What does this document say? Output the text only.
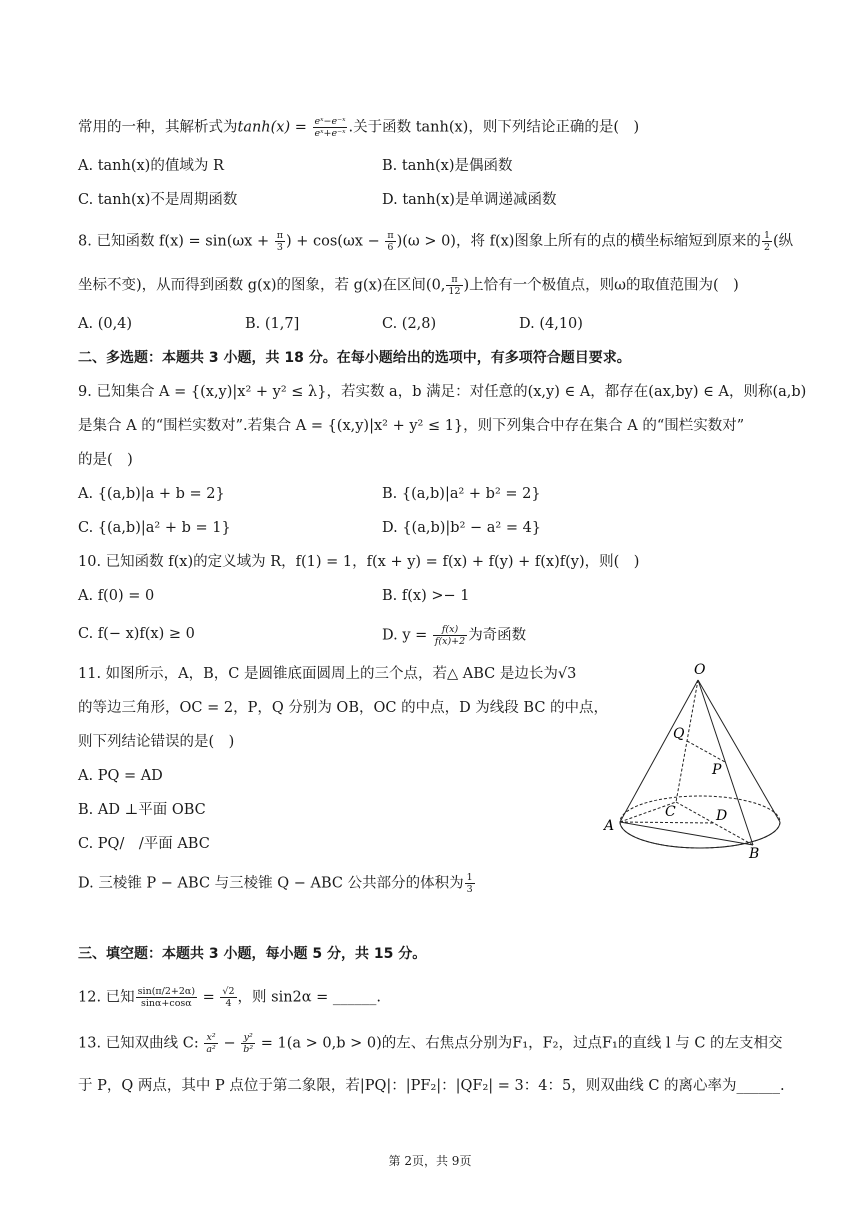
常用的一种，其解析式为$\tanh(x) = \frac{\text{eˣ−e⁻ˣ}}{\text{eˣ+e⁻ˣ}}$ .关于函数 tanh(x)，则下列结论正确的是(　)
A. tanh(x)的值域为 R	B. tanh(x)是偶函数
C. tanh(x)不是周期函数	D. tanh(x)是单调递减函数
8. 已知函数 $f(x) = \sin(\omega x + \frac{\pi}{3}$ ) + $\cos(\omega x - \frac{\pi}{6} )(\omega > 0)$，将 f(x)图象上所有的点的横坐标缩短到原来的 $\frac{1}{2}$ (纵
坐标不变)，从而得到函数 g(x)的图象，若 g(x)在区间(0, $\frac{\pi}{12}$ )上恰有一个极值点，则ω的取值范围为(　)
A. (0,4)	B. (1,7]	C. (2,8)	D. (4,10)
二、多选题：本题共 3 小题，共 18 分。在每小题给出的选项中，有多项符合题目要求。
9. 已知集合 A = {(x,y)|x² + y² ≤ λ}，若实数 a，b 满足：对任意的(x,y) ∈ A，都存在(ax,by) ∈ A，则称(a,b)
是集合 A 的“围栏实数对”.若集合 A = {(x,y)|x² + y² ≤ 1}，则下列集合中存在集合 A 的“围栏实数对”
的是(　)
A. {(a,b)|a + b = 2}	B. {(a,b)|a² + b² = 2}
C. {(a,b)|a² + b = 1}	D. {(a,b)|b² − a² = 4}
10. 已知函数 f(x)的定义域为 R，f(1) = 1，f(x + y) = f(x) + f(y) + f(x)f(y)，则(　)
A. f(0) = 0	B. f(x) >− 1
C. f(− x)f(x) ≥ 0	D. $y = \frac{f(x)}{f(x)+2}$ 为奇函数
11. 如图所示，A，B，C 是圆锥底面圆周上的三个点，若△ ABC 是边长为√3
的等边三角形，OC = 2，P，Q 分别为 OB，OC 的中点，D 为线段 BC 的中点，
则下列结论错误的是(　)
A. PQ = AD
B. AD ⊥平面 OBC
C. PQ/　/平面 ABC
D. 三棱锥 P − ABC 与三棱锥 Q − ABC 公共部分的体积为 $\frac{1}{3}$
O
Q
P
C	D
A
B
三、填空题：本题共 3 小题，每小题 5 分，共 15 分。
12. 已知 $\frac{\sin(\pi/2+2\alpha)}{\sin\alpha+\cos\alpha} = \frac{√2}{4}$ ，则 sin2α = ______.
13. 已知双曲线 C: $\frac{\text{x²}}{\text{a²}} - \frac{\text{y²}}{\text{b²}} = 1(a > 0,b > 0)$的左、右焦点分别为F₁，F₂，过点F₁的直线 l 与 C 的左支相交
于 P，Q 两点，其中 P 点位于第二象限，若|PQ|：|PF₂|：|QF₂| = 3：4：5，则双曲线 C 的离心率为______.
第 2页，共 9页
